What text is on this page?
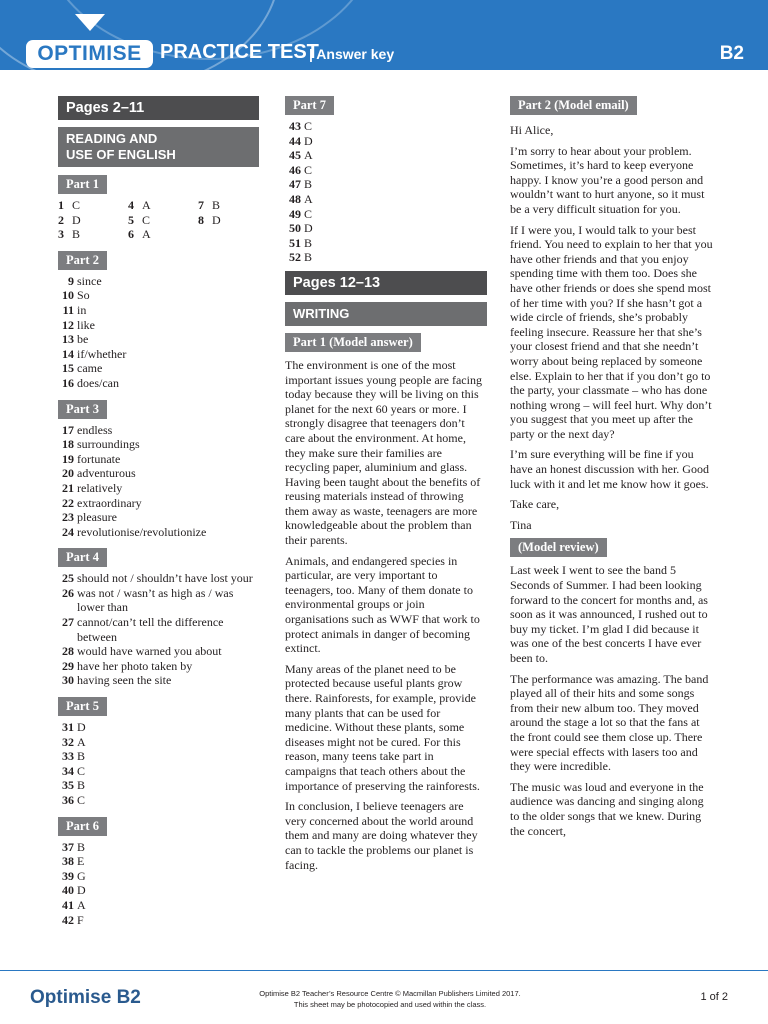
OPTIMISE PRACTICE TEST
| Answer key	B2
Pages 2–11
READING AND
USE OF ENGLISH
Part 1
1 C	4 A	7 B
2 D	5 C	8 D
3 B	6 A
Part 2
9 since
10 So
11 in
12 like
13 be
14 if/whether
15 came
16 does/can
Part 3
17 endless
18 surroundings
19 fortunate
20 adventurous
21 relatively
22 extraordinary
23 pleasure
24 revolutionise/revolutionize
Part 4
25 should not / shouldn’t have lost your
26 was not / wasn’t as high as / was lower than
27 cannot/can’t tell the difference between
28 would have warned you about
29 have her photo taken by
30 having seen the site
Part 5
31 D
32 A
33 B
34 C
35 B
36 C
Part 6
37 B
38 E
39 G
40 D
41 A
42 F
Part 7
43 C
44 D
45 A
46 C
47 B
48 A
49 C
50 D
51 B
52 B
Pages 12–13
WRITING
Part 1 (Model answer)

The environment is one of the most important issues young people are facing today because they will be living on this planet for the next 60 years or more. I strongly disagree that teenagers don’t care about the environment. At home, they make sure their families are recycling paper, aluminium and glass. Having been taught about the benefits of reusing materials instead of throwing them away as waste, teenagers are more knowledgeable about the problem than their parents.

Animals, and endangered species in particular, are very important to teenagers, too. Many of them donate to environmental groups or join organisations such as WWF that work to protect animals in danger of becoming extinct.

Many areas of the planet need to be protected because useful plants grow there. Rainforests, for example, provide many plants that can be used for medicine. Without these plants, some diseases might not be cured. For this reason, many teens take part in campaigns that teach others about the importance of preserving the rainforests.

In conclusion, I believe teenagers are very concerned about the world around them and many are doing whatever they can to tackle the problems our planet is facing.

Part 2 (Model email)

Hi Alice,

I’m sorry to hear about your problem. Sometimes, it’s hard to keep everyone happy. I know you’re a good person and wouldn’t want to hurt anyone, so it must be a very difficult situation for you.

If I were you, I would talk to your best friend. You need to explain to her that you have other friends and that you enjoy spending time with them too. Does she have other friends or does she spend most of her time with you? If she hasn’t got a wide circle of friends, she’s probably feeling insecure. Reassure her that she’s your closest friend and that she needn’t worry about being replaced by someone else. Explain to her that if you don’t go to the party, your classmate – who has done nothing wrong – will feel hurt. Why don’t you suggest that you meet up after the party or the next day?

I’m sure everything will be fine if you have an honest discussion with her. Good luck with it and let me know how it goes.

Take care,

Tina

(Model review)

Last week I went to see the band 5 Seconds of Summer. I had been looking forward to the concert for months and, as soon as it was announced, I rushed out to buy my ticket. I’m glad I did because it was one of the best concerts I have ever been to.

The performance was amazing. The band played all of their hits and some songs from their new album too. They moved around the stage a lot so that the fans at the front could see them close up. There were special effects with lasers too and they were incredible.

The music was loud and everyone in the audience was dancing and singing along to the older songs that we knew. During the concert,

Optimise B2	Optimise B2 Teacher’s Resource Centre © Macmillan Publishers Limited 2017.
This sheet may be photocopied and used within the class.
1 of 2
